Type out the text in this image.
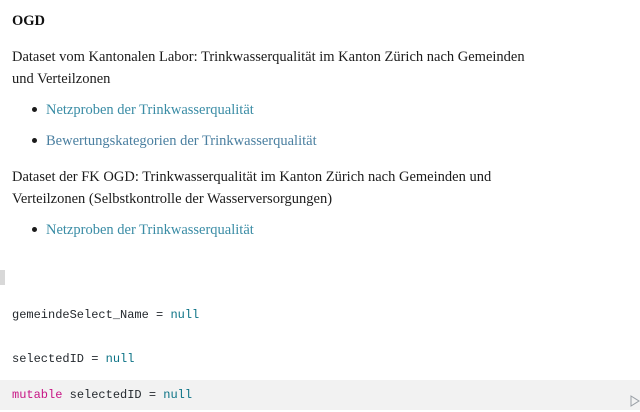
OGD

Dataset vom Kantonalen Labor: Trinkwasserqualität im Kanton Zürich nach Gemeinden und Verteilzonen

Netzproben der Trinkwasserqualität
Bewertungskategorien der Trinkwasserqualität

Dataset der FK OGD: Trinkwasserqualität im Kanton Zürich nach Gemeinden und Verteilzonen (Selbstkontrolle der Wasserversorgungen)

Netzproben der Trinkwasserqualität
gemeindeSelect_Name = null
selectedID = null
mutable selectedID = null
